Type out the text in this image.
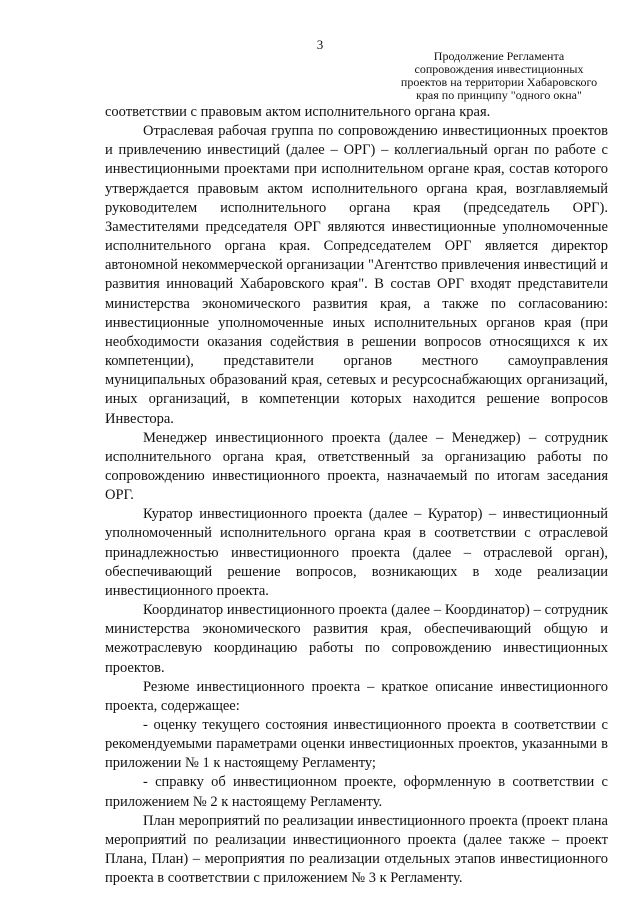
3
Продолжение Регламента
сопровождения инвестиционных
проектов на территории Хабаровского
края по принципу "одного окна"

соответствии с правовым актом исполнительного органа края.

Отраслевая рабочая группа по сопровождению инвестиционных проектов и привлечению инвестиций (далее – ОРГ) – коллегиальный орган по работе с инвестиционными проектами при исполнительном органе края, состав которого утверждается правовым актом исполнительного органа края, возглавляемый руководителем исполнительного органа края (председатель ОРГ). Заместителями председателя ОРГ являются инвестиционные уполномоченные исполнительного органа края. Сопредседателем ОРГ является директор автономной некоммерческой организации "Агентство привлечения инвестиций и развития инноваций Хабаровского края". В состав ОРГ входят представители министерства экономического развития края, а также по согласованию: инвестиционные уполномоченные иных исполнительных органов края (при необходимости оказания содействия в решении вопросов относящихся к их компетенции), представители органов местного самоуправления муниципальных образований края, сетевых и ресурсоснабжающих организаций, иных организаций, в компетенции которых находится решение вопросов Инвестора.

Менеджер инвестиционного проекта (далее – Менеджер) – сотрудник исполнительного органа края, ответственный за организацию работы по сопровождению инвестиционного проекта, назначаемый по итогам заседания ОРГ.

Куратор инвестиционного проекта (далее – Куратор) – инвестиционный уполномоченный исполнительного органа края в соответствии с отраслевой принадлежностью инвестиционного проекта (далее – отраслевой орган), обеспечивающий решение вопросов, возникающих в ходе реализации инвестиционного проекта.

Координатор инвестиционного проекта (далее – Координатор) – сотрудник министерства экономического развития края, обеспечивающий общую и межотраслевую координацию работы по сопровождению инвестиционных проектов.

Резюме инвестиционного проекта – краткое описание инвестиционного проекта, содержащее:

- оценку текущего состояния инвестиционного проекта в соответствии с рекомендуемыми параметрами оценки инвестиционных проектов, указанными в приложении № 1 к настоящему Регламенту;

- справку об инвестиционном проекте, оформленную в соответствии с приложением № 2 к настоящему Регламенту.

План мероприятий по реализации инвестиционного проекта (проект плана мероприятий по реализации инвестиционного проекта (далее также – проект Плана, План) – мероприятия по реализации отдельных этапов инвестиционного проекта в соответствии с приложением № 3 к Регламенту.
